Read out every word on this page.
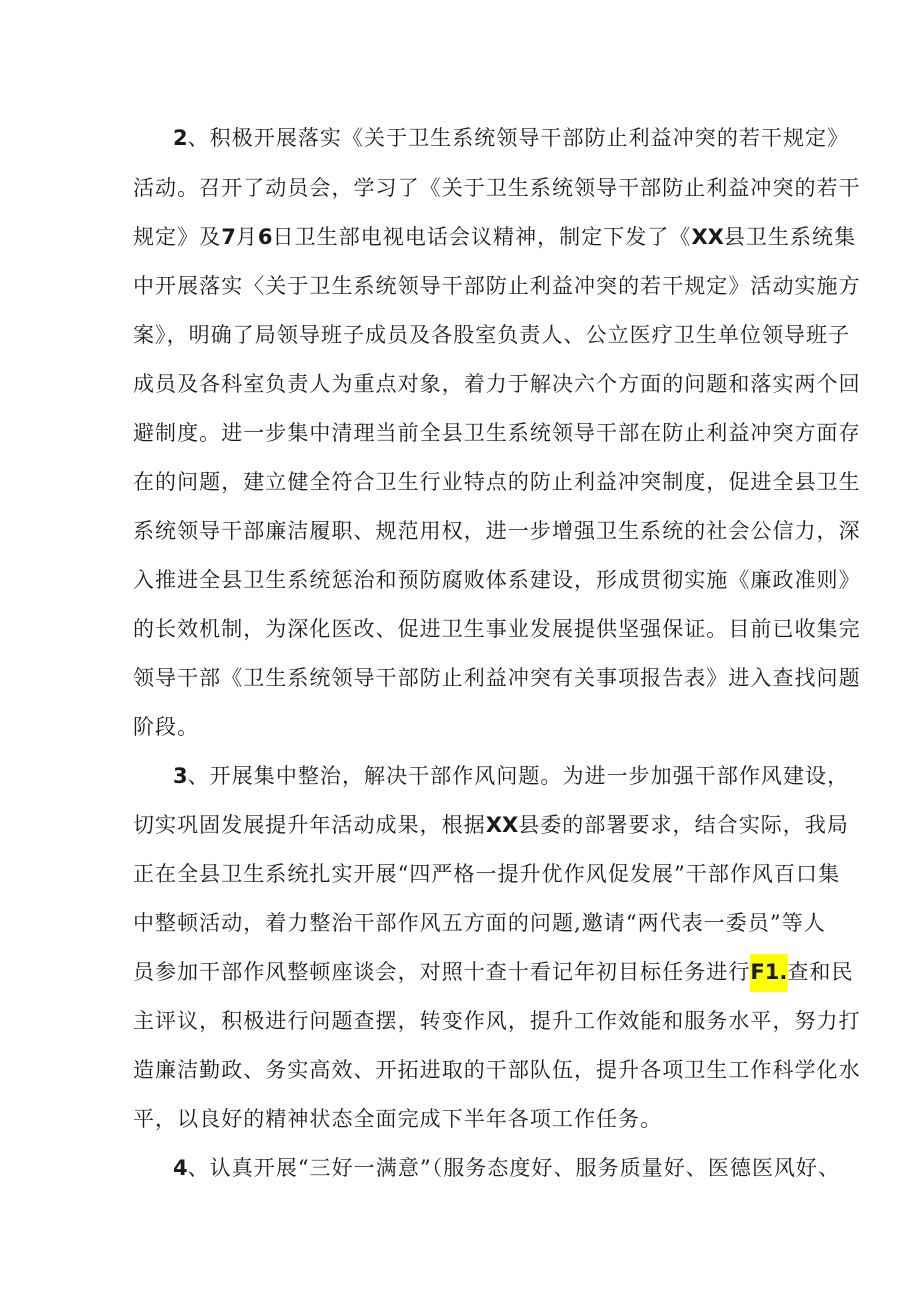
2、积极开展落实《关于卫生系统领导干部防止利益冲突的若干规定》
活动。召开了动员会，学习了《关于卫生系统领导干部防止利益冲突的若干
规定》及7月6日卫生部电视电话会议精神，制定下发了《XX县卫生系统集
中开展落实〈关于卫生系统领导干部防止利益冲突的若干规定》活动实施方
案》，明确了局领导班子成员及各股室负责人、公立医疗卫生单位领导班子
成员及各科室负责人为重点对象，着力于解决六个方面的问题和落实两个回
避制度。进一步集中清理当前全县卫生系统领导干部在防止利益冲突方面存
在的问题，建立健全符合卫生行业特点的防止利益冲突制度，促进全县卫生
系统领导干部廉洁履职、规范用权，进一步增强卫生系统的社会公信力，深
入推进全县卫生系统惩治和预防腐败体系建设，形成贯彻实施《廉政准则》
的长效机制，为深化医改、促进卫生事业发展提供坚强保证。目前已收集完
领导干部《卫生系统领导干部防止利益冲突有关事项报告表》进入查找问题
阶段。
3、开展集中整治，解决干部作风问题。为进一步加强干部作风建设，
切实巩固发展提升年活动成果，根据XX县委的部署要求，结合实际，我局
正在全县卫生系统扎实开展“四严格一提升优作风促发展”干部作风百口集
中整顿活动，着力整治干部作风五方面的问题,邀请“两代表一委员”等人
员参加干部作风整顿座谈会，对照十查十看记年初目标任务进行F1.查和民
主评议，积极进行问题查摆，转变作风，提升工作效能和服务水平，努力打
造廉洁勤政、务实高效、开拓进取的干部队伍，提升各项卫生工作科学化水
平，以良好的精神状态全面完成下半年各项工作任务。
4、认真开展“三好一满意”（服务态度好、服务质量好、医德医风好、
